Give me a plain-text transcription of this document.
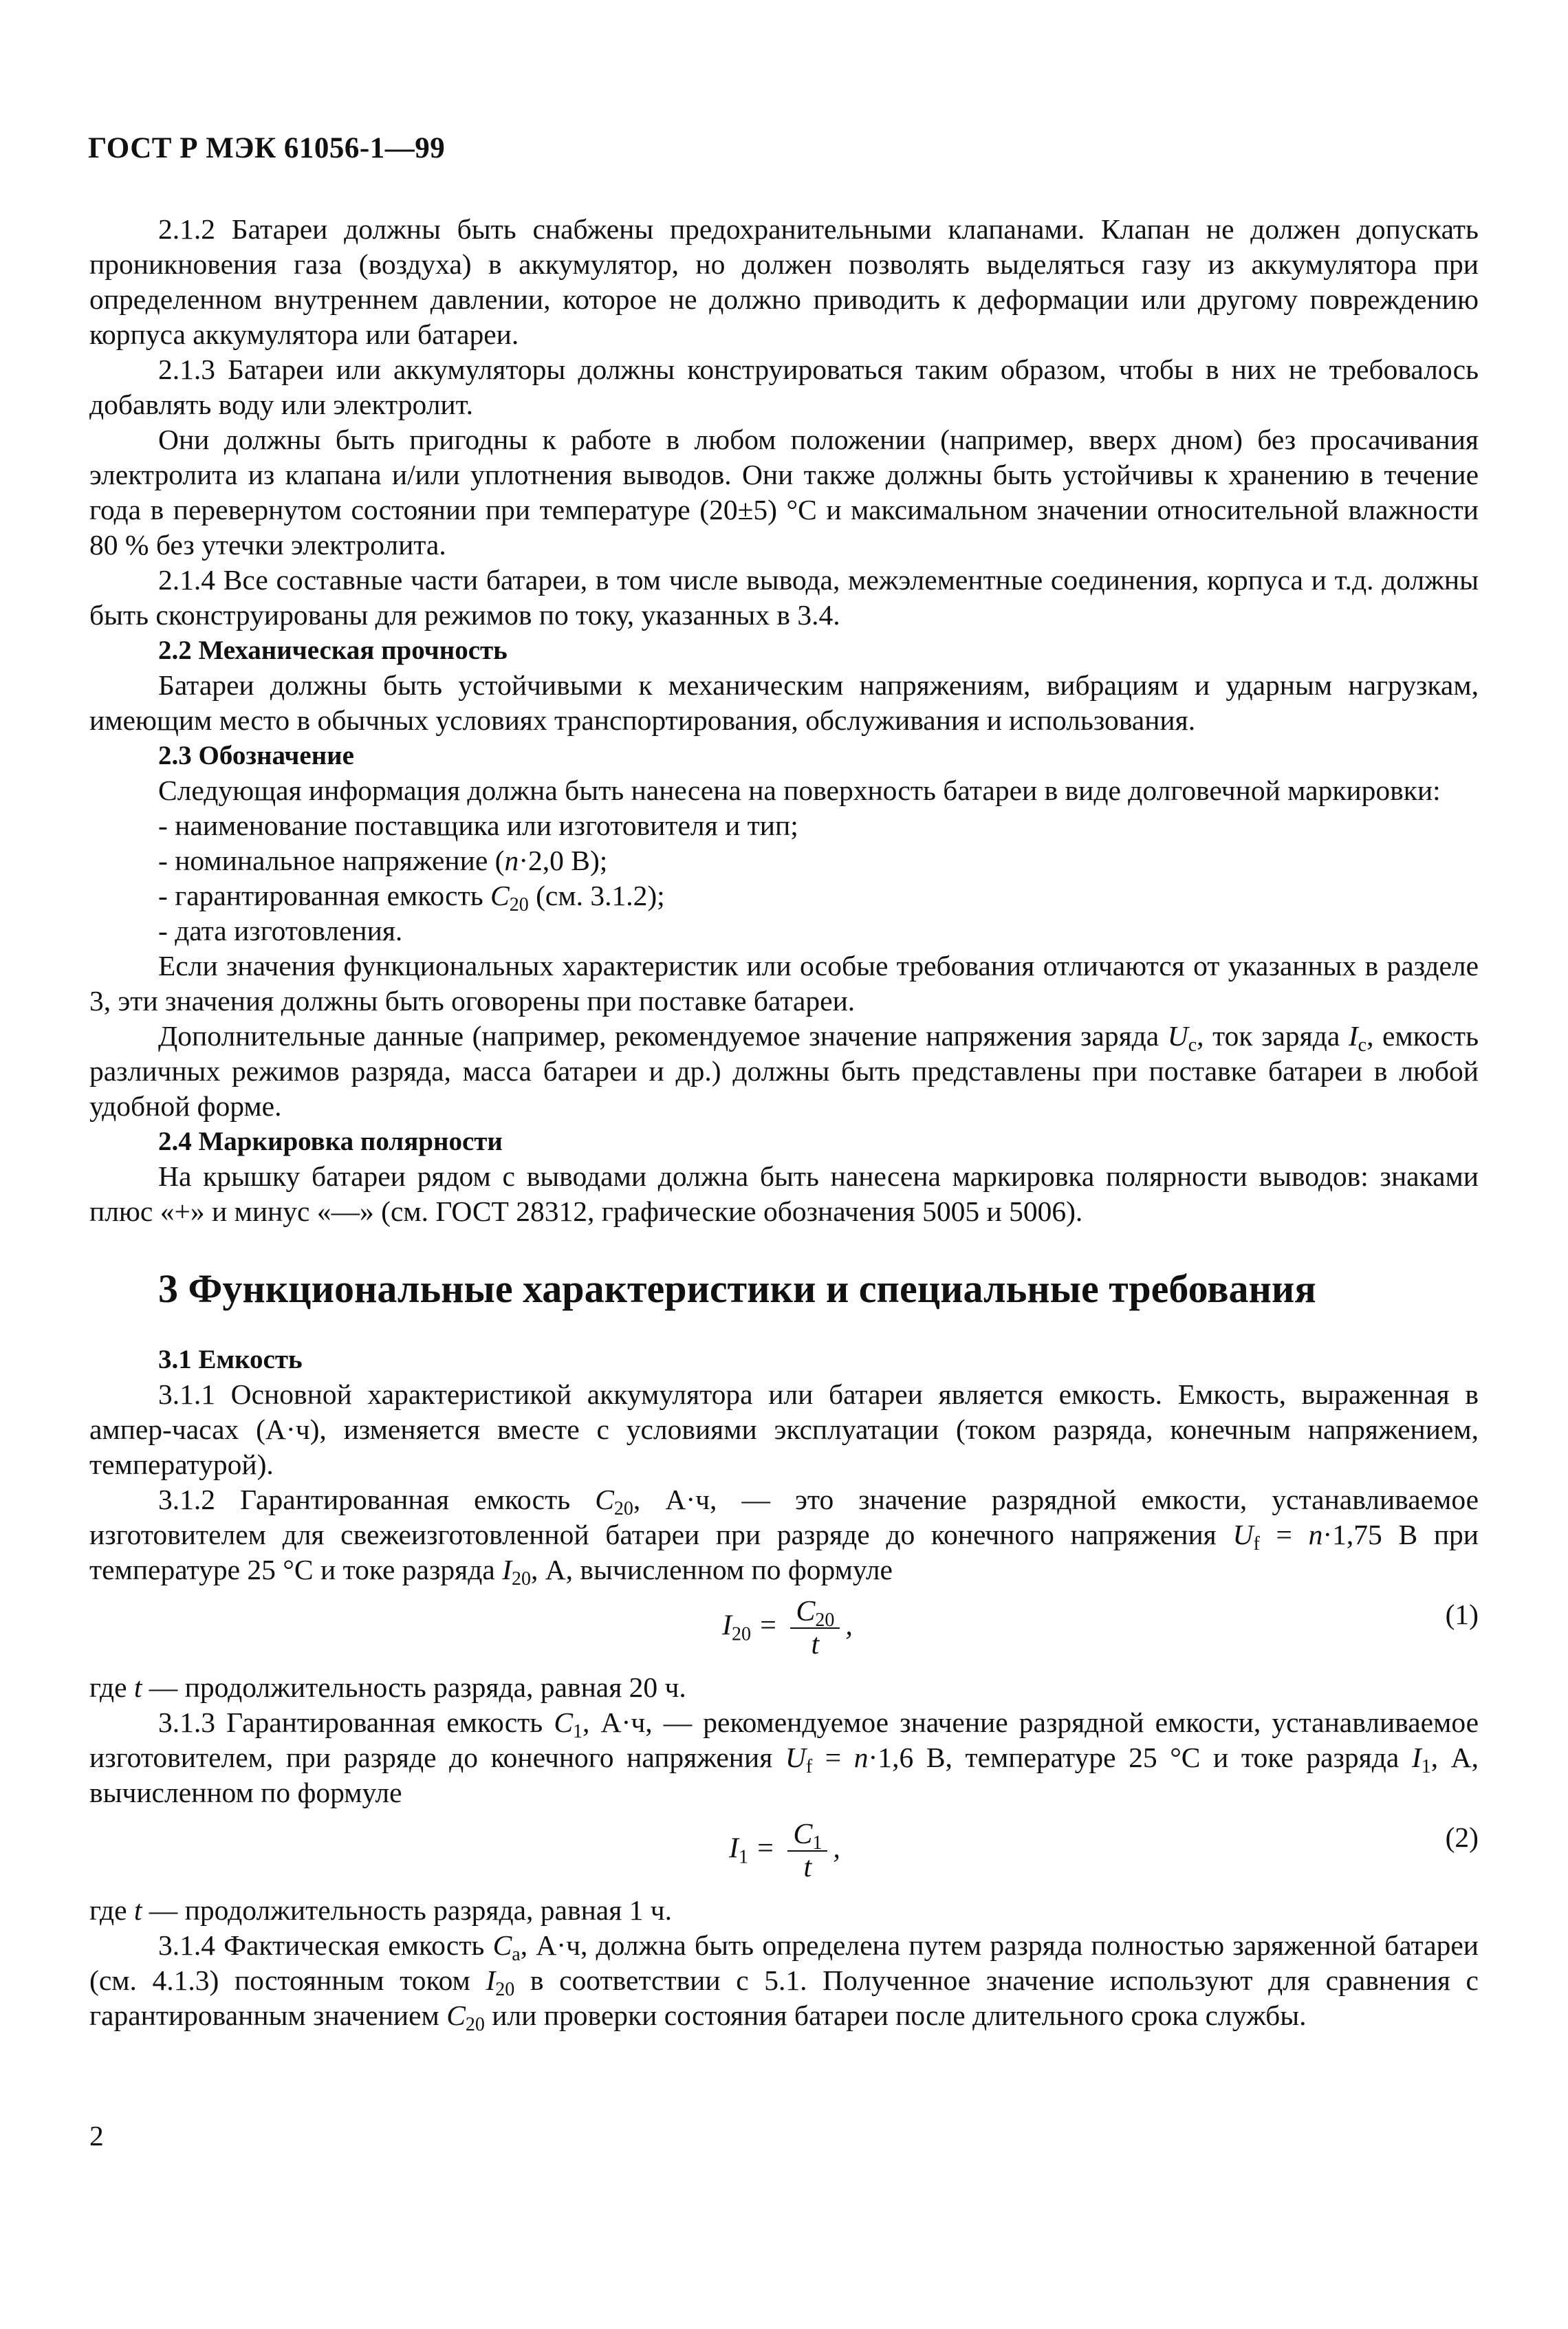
ГОСТ Р МЭК 61056-1—99

2.1.2 Батареи должны быть снабжены предохранительными клапанами. Клапан не должен допускать проникновения газа (воздуха) в аккумулятор, но должен позволять выделяться газу из аккумулятора при определенном внутреннем давлении, которое не должно приводить к деформации или другому повреждению корпуса аккумулятора или батареи.

2.1.3 Батареи или аккумуляторы должны конструироваться таким образом, чтобы в них не требовалось добавлять воду или электролит.

Они должны быть пригодны к работе в любом положении (например, вверх дном) без просачивания электролита из клапана и/или уплотнения выводов. Они также должны быть устойчивы к хранению в течение года в перевернутом состоянии при температуре (20±5) °С и максимальном значении относительной влажности 80 % без утечки электролита.

2.1.4 Все составные части батареи, в том числе вывода, межэлементные соединения, корпуса и т.д. должны быть сконструированы для режимов по току, указанных в 3.4.

2.2 Механическая прочность

Батареи должны быть устойчивыми к механическим напряжениям, вибрациям и ударным нагрузкам, имеющим место в обычных условиях транспортирования, обслуживания и использования.

2.3 Обозначение

Следующая информация должна быть нанесена на поверхность батареи в виде долговечной маркировки:

- наименование поставщика или изготовителя и тип;

- номинальное напряжение (n·2,0 В);

- гарантированная емкость $C_{20}$ (см. 3.1.2);

- дата изготовления.

Если значения функциональных характеристик или особые требования отличаются от указанных в разделе 3, эти значения должны быть оговорены при поставке батареи.

Дополнительные данные (например, рекомендуемое значение напряжения заряда $U_c$, ток заряда $I_c$, емкость различных режимов разряда, масса батареи и др.) должны быть представлены при поставке батареи в любой удобной форме.

2.4 Маркировка полярности

На крышку батареи рядом с выводами должна быть нанесена маркировка полярности выводов: знаками плюс «+» и минус «—» (см. ГОСТ 28312, графические обозначения 5005 и 5006).

3 Функциональные характеристики и специальные требования

3.1 Емкость

3.1.1 Основной характеристикой аккумулятора или батареи является емкость. Емкость, выраженная в ампер-часах (А·ч), изменяется вместе с условиями эксплуатации (током разряда, конечным напряжением, температурой).

3.1.2 Гарантированная емкость $C_{20}$, А·ч, — это значение разрядной емкости, устанавливаемое изготовителем для свежеизготовленной батареи при разряде до конечного напряжения $U_f = n\cdot 1,75$ В при температуре 25 °С и токе разряда $I_{20}$, А, вычисленном по формуле

$I_{20} = \frac{C_{20}}{t}$ ,	(1)

где t — продолжительность разряда, равная 20 ч.

3.1.3 Гарантированная емкость $C_1$, А·ч, — рекомендуемое значение разрядной емкости, устанавливаемое изготовителем, при разряде до конечного напряжения $U_f = n\cdot 1,6$ В, температуре 25 °С и токе разряда $I_1$, А, вычисленном по формуле

$I_1 = \frac{C_1}{t}$ ,	(2)

где t — продолжительность разряда, равная 1 ч.

3.1.4 Фактическая емкость $C_a$, А·ч, должна быть определена путем разряда полностью заряженной батареи (см. 4.1.3) постоянным током $I_{20}$ в соответствии с 5.1. Полученное значение используют для сравнения с гарантированным значением $C_{20}$ или проверки состояния батареи после длительного срока службы.

2
